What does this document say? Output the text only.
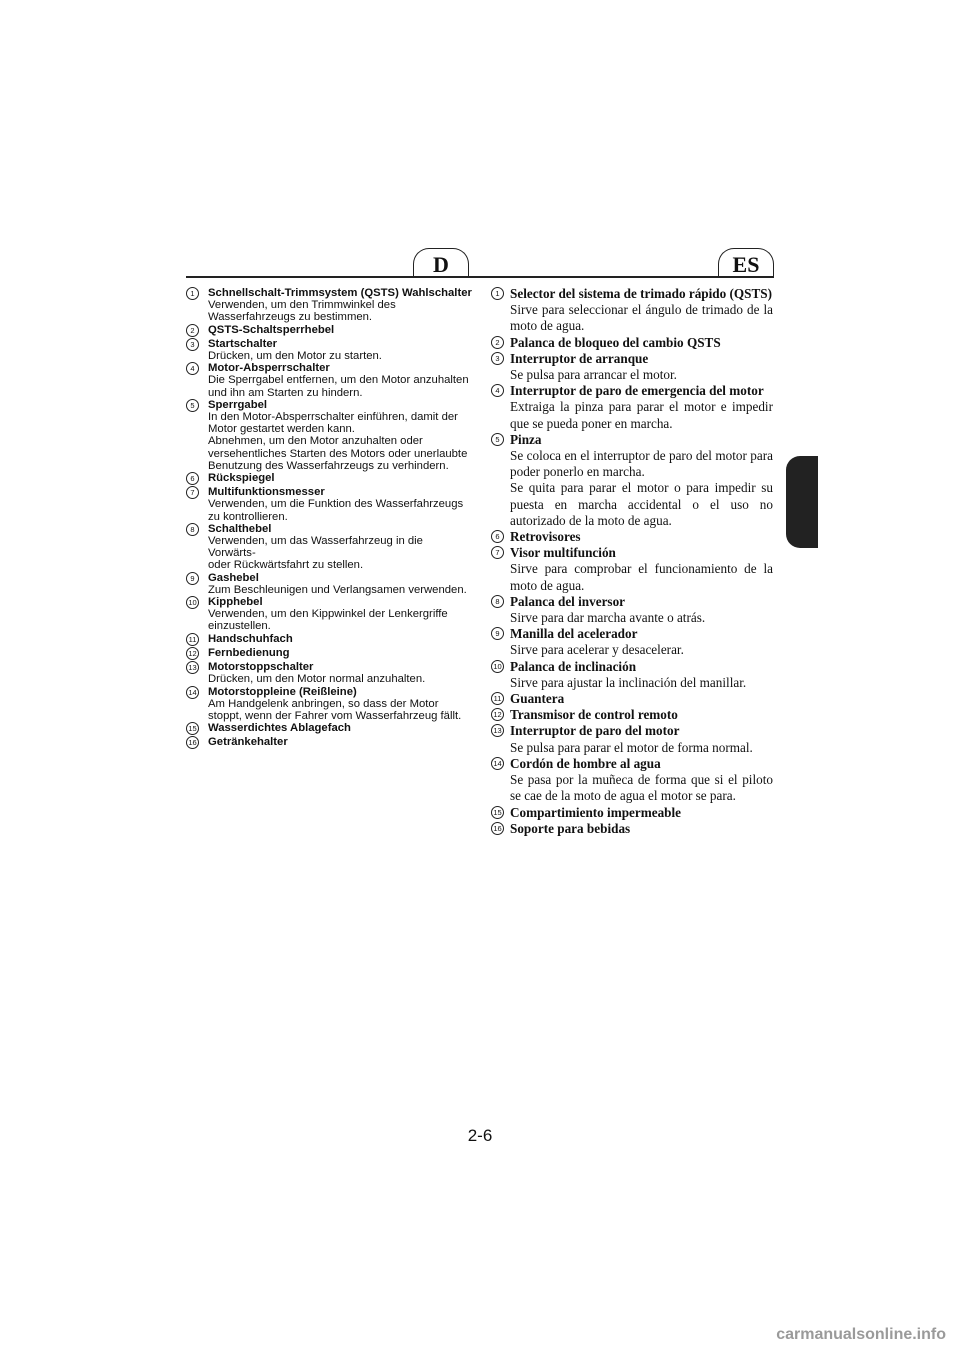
D	ES
1	Schnellschalt-Trimmsystem (QSTS) Wahlschalter
Verwenden, um den Trimmwinkel des
Wasserfahrzeugs zu bestimmen.
2	QSTS-Schaltsperrhebel
3	Startschalter
Drücken, um den Motor zu starten.
4	Motor-Absperrschalter
Die Sperrgabel entfernen, um den Motor anzuhalten
und ihn am Starten zu hindern.
5	Sperrgabel
In den Motor-Absperrschalter einführen, damit der
Motor gestartet werden kann.
Abnehmen, um den Motor anzuhalten oder
versehentliches Starten des Motors oder unerlaubte
Benutzung des Wasserfahrzeugs zu verhindern.
6	Rückspiegel
7	Multifunktionsmesser
Verwenden, um die Funktion des Wasserfahrzeugs
zu kontrollieren.
8	Schalthebel
Verwenden, um das Wasserfahrzeug in die Vorwärts-
oder Rückwärtsfahrt zu stellen.
9	Gashebel
Zum Beschleunigen und Verlangsamen verwenden.
10	Kipphebel
Verwenden, um den Kippwinkel der Lenkergriffe
einzustellen.
11	Handschuhfach
12	Fernbedienung
13	Motorstoppschalter
Drücken, um den Motor normal anzuhalten.
14	Motorstoppleine (Reißleine)
Am Handgelenk anbringen, so dass der Motor
stoppt, wenn der Fahrer vom Wasserfahrzeug fällt.
15	Wasserdichtes Ablagefach
16	Getränkehalter
1 Selector del sistema de trimado rápido (QSTS)
Sirve para seleccionar el ángulo de trimado de la moto de agua.
2 Palanca de bloqueo del cambio QSTS
3 Interruptor de arranque
Se pulsa para arrancar el motor.
4 Interruptor de paro de emergencia del motor
Extraiga la pinza para parar el motor e impedir que se pueda poner en marcha.
5 Pinza
Se coloca en el interruptor de paro del motor para poder ponerlo en marcha.
Se quita para parar el motor o para impedir su puesta en marcha accidental o el uso no autorizado de la moto de agua.
6 Retrovisores
7 Visor multifunción
Sirve para comprobar el funcionamiento de la moto de agua.
8 Palanca del inversor
Sirve para dar marcha avante o atrás.
9 Manilla del acelerador
Sirve para acelerar y desacelerar.
10 Palanca de inclinación
Sirve para ajustar la inclinación del manillar.
11 Guantera
12 Transmisor de control remoto
13 Interruptor de paro del motor
Se pulsa para parar el motor de forma normal.
14 Cordón de hombre al agua
Se pasa por la muñeca de forma que si el piloto se cae de la moto de agua el motor se para.
15 Compartimiento impermeable
16 Soporte para bebidas
2-6
carmanualsonline.info
